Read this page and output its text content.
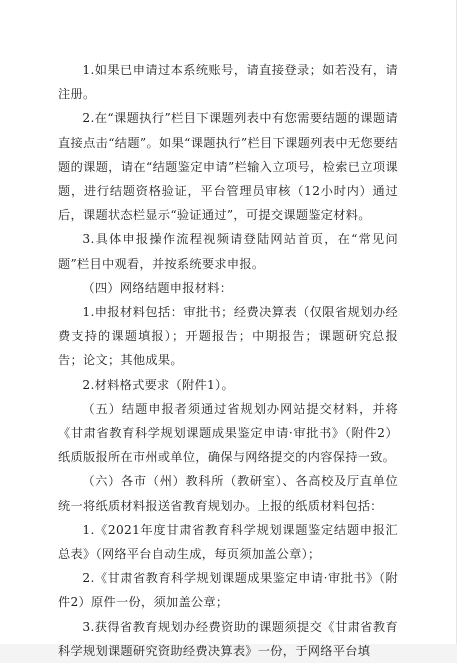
1.如果已申请过本系统账号，请直接登录；如若没有，请注册。

2.在“课题执行”栏目下课题列表中有您需要结题的课题请直接点击“结题”。如果“课题执行”栏目下课题列表中无您要结题的课题，请在“结题鉴定申请”栏输入立项号，检索已立项课题，进行结题资格验证，平台管理员审核（12小时内）通过后，课题状态栏显示“验证通过”，可提交课题鉴定材料。

3.具体申报操作流程视频请登陆网站首页，在“常见问题”栏目中观看，并按系统要求申报。

（四）网络结题申报材料：

1.申报材料包括：审批书；经费决算表（仅限省规划办经费支持的课题填报）；开题报告；中期报告；课题研究总报告；论文；其他成果。

2.材料格式要求（附件1）。

（五）结题申报者须通过省规划办网站提交材料，并将《甘肃省教育科学规划课题成果鉴定申请·审批书》（附件2）纸质版报所在市州或单位，确保与网络提交的内容保持一致。

（六）各市（州）教科所（教研室）、各高校及厅直单位统一将纸质材料报送省教育规划办。上报的纸质材料包括：

1.《2021年度甘肃省教育科学规划课题鉴定结题申报汇总表》（网络平台自动生成，每页须加盖公章）；

2.《甘肃省教育科学规划课题成果鉴定申请·审批书》（附件2）原件一份，须加盖公章；

3.获得省教育规划办经费资助的课题须提交《甘肃省教育科学规划课题研究资助经费决算表》一份，于网络平台填
